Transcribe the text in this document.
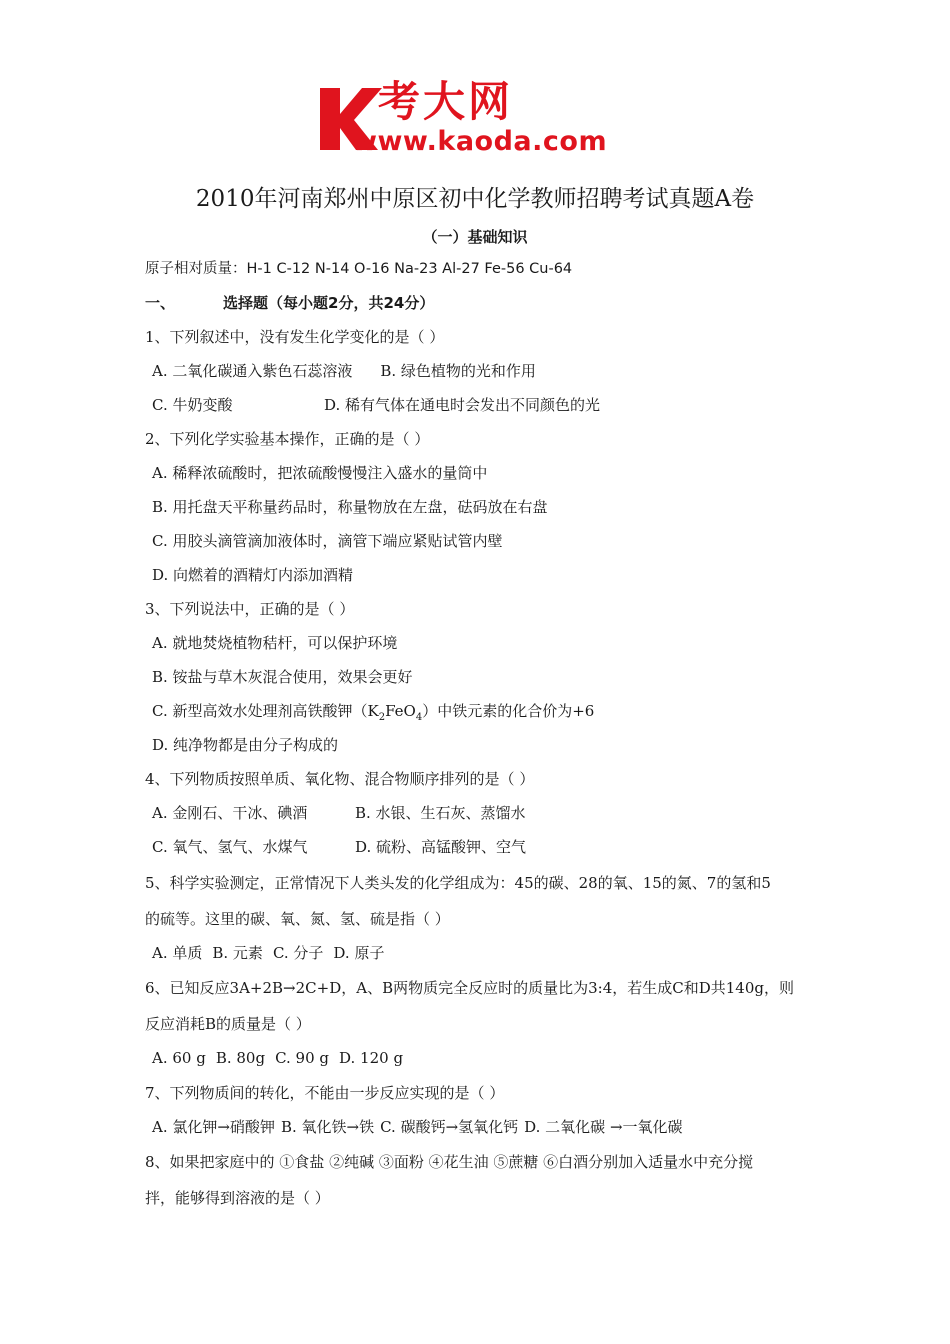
考大网
www.kaoda.com
2010年河南郑州中原区初中化学教师招聘考试真题A卷
（一）基础知识
原子相对质量：H-1 C-12 N-14 O-16 Na-23 Al-27 Fe-56 Cu-64
一、	选择题（每小题2分，共24分）
1、下列叙述中，没有发生化学变化的是（ ）
A. 二氧化碳通入紫色石蕊溶液 B. 绿色植物的光和作用
C. 牛奶变酸	D. 稀有气体在通电时会发出不同颜色的光
2、下列化学实验基本操作，正确的是（ ）
A. 稀释浓硫酸时，把浓硫酸慢慢注入盛水的量筒中
B. 用托盘天平称量药品时，称量物放在左盘，砝码放在右盘
C. 用胶头滴管滴加液体时，滴管下端应紧贴试管内壁
D. 向燃着的酒精灯内添加酒精
3、下列说法中，正确的是（ ）
A. 就地焚烧植物秸杆，可以保护环境
B. 铵盐与草木灰混合使用，效果会更好
C. 新型高效水处理剂高铁酸钾$(K_2FeO_4)$中铁元素的化合价为+6
D. 纯净物都是由分子构成的
4、下列物质按照单质、氧化物、混合物顺序排列的是（ ）
A. 金刚石、干冰、碘酒	B. 水银、生石灰、蒸馏水
C. 氧气、氢气、水煤气	D. 硫粉、高锰酸钾、空气
5、科学实验测定，正常情况下人类头发的化学组成为：45的碳、28的氧、15的氮、7的氢和5
的硫等。这里的碳、氧、氮、氢、硫是指（ ）
A. 单质 B. 元素 C. 分子 D. 原子
6、已知反应3A+2B→2C+D，A、B两物质完全反应时的质量比为3:4，若生成C和D共140g，则
反应消耗B的质量是（ ）
A. 60 g B. 80g C. 90 g D. 120 g
7、下列物质间的转化，不能由一步反应实现的是（ ）
A. 氯化钾→硝酸钾 B. 氧化铁→铁 C. 碳酸钙→氢氧化钙 D. 二氧化碳 →一氧化碳
8、如果把家庭中的 ①食盐 ②纯碱 ③面粉 ④花生油 ⑤蔗糖 ⑥白酒分别加入适量水中充分搅
拌，能够得到溶液的是（ ）
